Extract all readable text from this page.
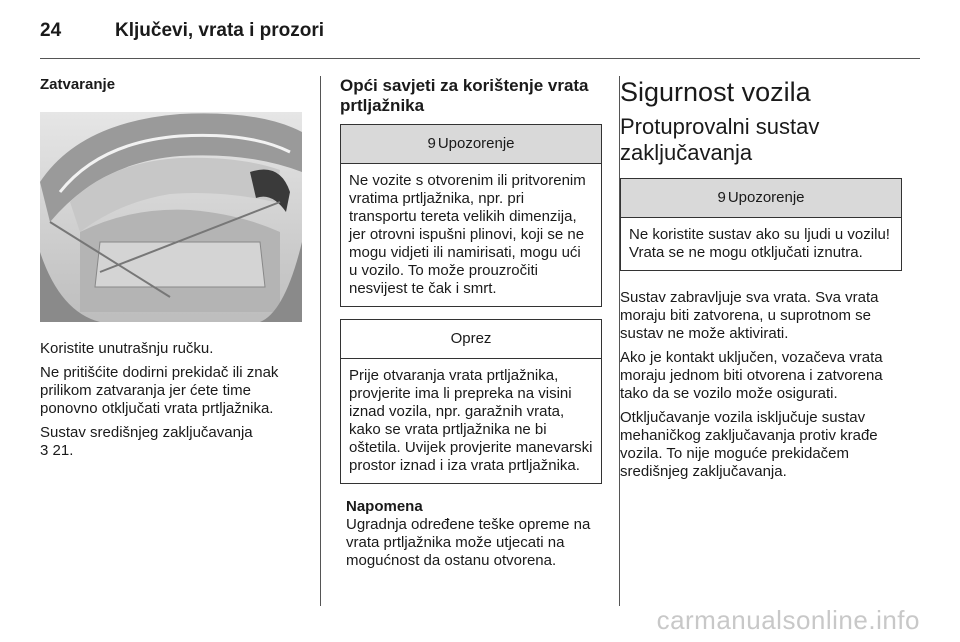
24	Ključevi, vrata i prozori
Zatvaranje

Koristite unutrašnju ručku.

Ne pritišćite dodirni prekidač ili znak prilikom zatvaranja jer ćete time ponovno otključati vrata prtljažnika.

Sustav središnjeg zaključavanja

3 21.
Opći savjeti za korištenje vrata prtljažnika
9 Upozorenje
Ne vozite s otvorenim ili pritvorenim vratima prtljažnika, npr. pri transportu tereta velikih dimenzija, jer otrovni ispušni plinovi, koji se ne mogu vidjeti ili namirisati, mogu ući u vozilo. To može prouzročiti nesvijest te čak i smrt.
Oprez
Prije otvaranja vrata prtljažnika, provjerite ima li prepreka na visini iznad vozila, npr. garažnih vrata, kako se vrata prtljažnika ne bi oštetila. Uvijek provjerite manevarski prostor iznad i iza vrata prtljažnika.
Napomena
Ugradnja određene teške opreme na vrata prtljažnika može utjecati na mogućnost da ostanu otvorena.
Sigurnost vozila
Protuprovalni sustav zaključavanja
9 Upozorenje
Ne koristite sustav ako su ljudi u vozilu! Vrata se ne mogu otključati iznutra.

Sustav zabravljuje sva vrata. Sva vrata moraju biti zatvorena, u suprotnom se sustav ne može aktivirati.

Ako je kontakt uključen, vozačeva vrata moraju jednom biti otvorena i zatvorena tako da se vozilo može osigurati.

Otključavanje vozila isključuje sustav mehaničkog zaključavanja protiv krađe vozila. To nije moguće prekidačem središnjeg zaključavanja.

carmanualsonline.info
